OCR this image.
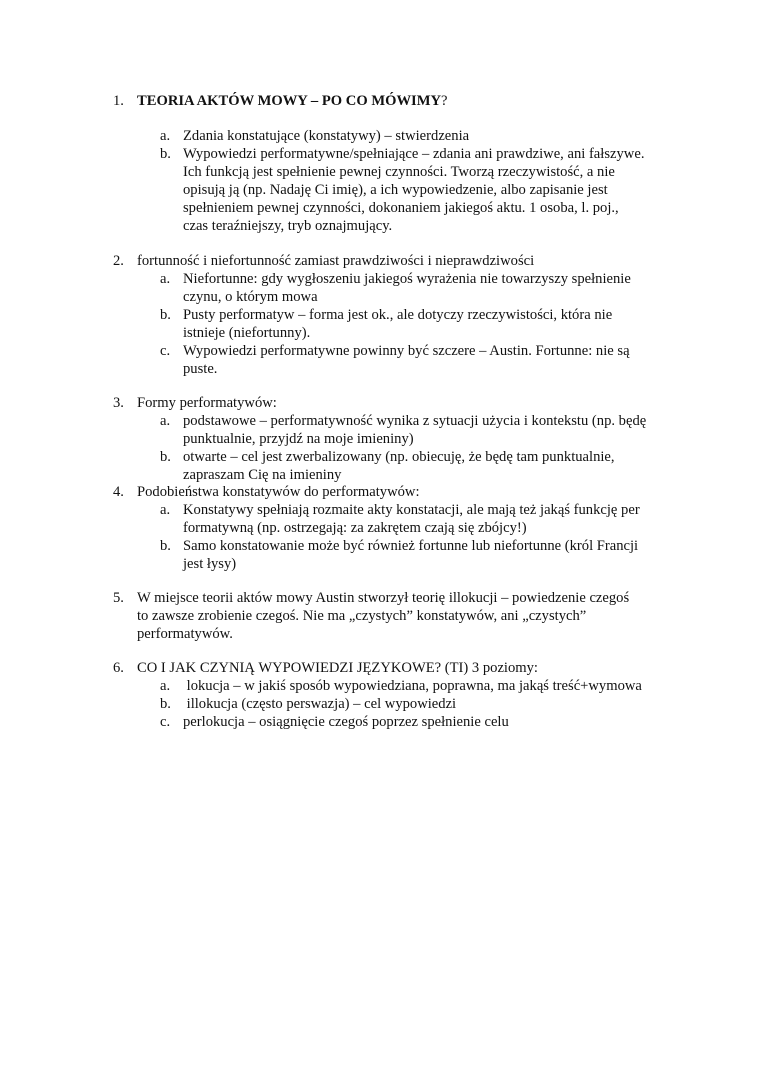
1. TEORIA AKTÓW MOWY – PO CO MÓWIMY?
a. Zdania konstatujące (konstatywy) – stwierdzenia
b. Wypowiedzi performatywne/spełniające – zdania ani prawdziwe, ani fałszywe.
Ich funkcją jest spełnienie pewnej czynności. Tworzą rzeczywistość, a nie
opisują ją (np. Nadaję Ci imię), a ich wypowiedzenie, albo zapisanie jest
spełnieniem pewnej czynności, dokonaniem jakiegoś aktu. 1 osoba, l. poj.,
czas teraźniejszy, tryb oznajmujący.
2. fortunność i niefortunność zamiast prawdziwości i nieprawdziwości
a. Niefortunne: gdy wygłoszeniu jakiegoś wyrażenia nie towarzyszy spełnienie
czynu, o którym mowa
b. Pusty performatyw – forma jest ok., ale dotyczy rzeczywistości, która nie
istnieje (niefortunny).
c. Wypowiedzi performatywne powinny być szczere – Austin. Fortunne: nie są
puste.
3. Formy performatywów:
a. podstawowe – performatywność wynika z sytuacji użycia i kontekstu (np. będę
punktualnie, przyjdź na moje imieniny)
b. otwarte – cel jest zwerbalizowany (np. obiecuję, że będę tam punktualnie,
zapraszam Cię na imieniny
4. Podobieństwa konstatywów do performatywów:
a. Konstatywy spełniają rozmaite akty konstatacji, ale mają też jakąś funkcję per
formatywną (np. ostrzegają: za zakrętem czają się zbójcy!)
b. Samo konstatowanie może być również fortunne lub niefortunne (król Francji
jest łysy)
5. W miejsce teorii aktów mowy Austin stworzył teorię illokucji – powiedzenie czegoś
to zawsze zrobienie czegoś. Nie ma „czystych” konstatywów, ani „czystych”
performatywów.
6. CO I JAK CZYNIĄ WYPOWIEDZI JĘZYKOWE? (TI) 3 poziomy:
a. lokucja – w jakiś sposób wypowiedziana, poprawna, ma jakąś treść+wymowa
b. illokucja (często perswazja) – cel wypowiedzi
c. perlokucja – osiągnięcie czegoś poprzez spełnienie celu
